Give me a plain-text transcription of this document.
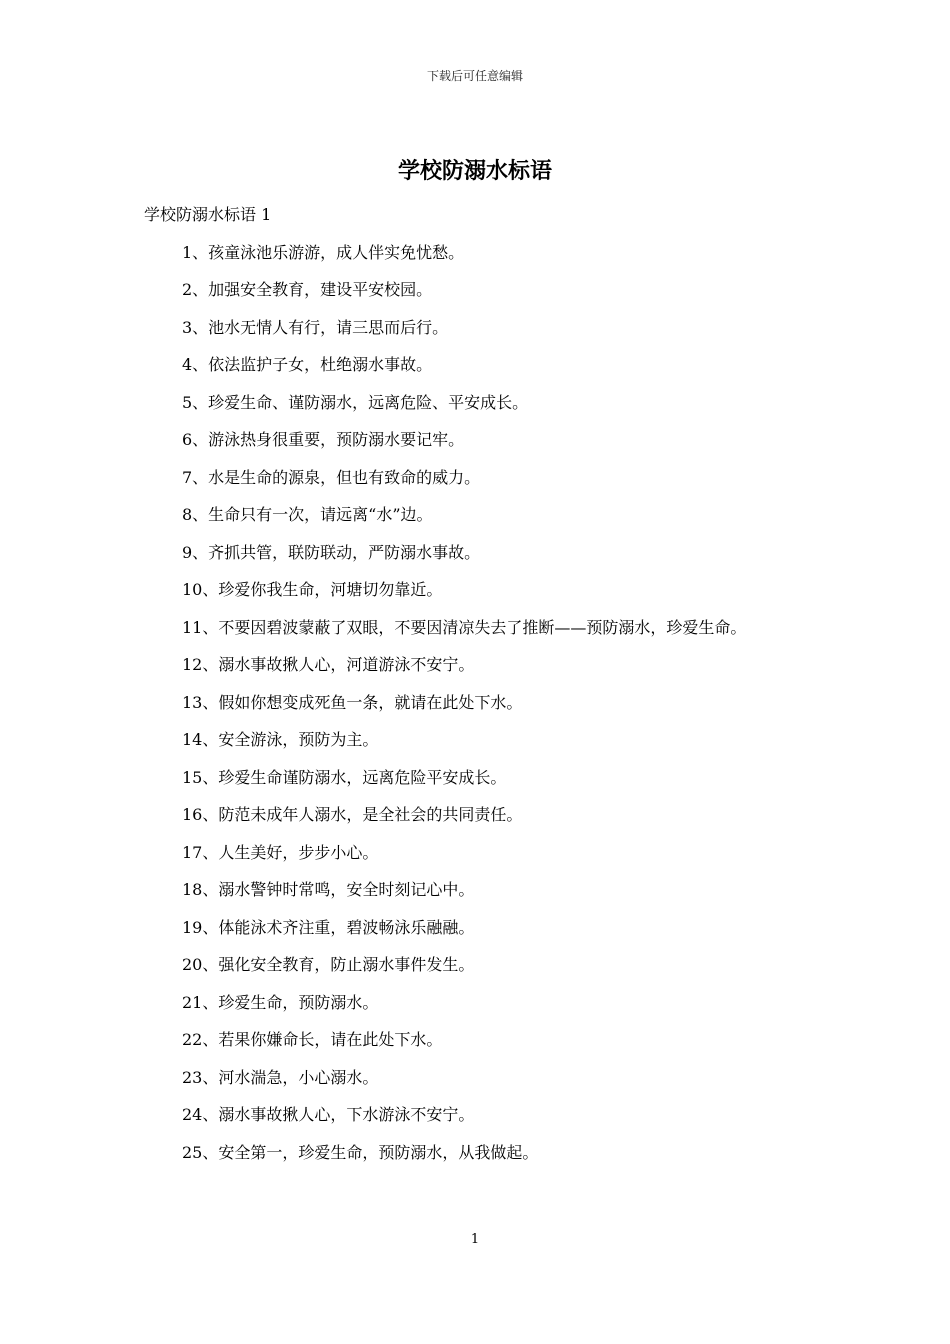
下载后可任意编辑
学校防溺水标语

学校防溺水标语 1

1、孩童泳池乐游游，成人伴实免忧愁。
2、加强安全教育，建设平安校园。
3、池水无情人有行，请三思而后行。
4、依法监护子女，杜绝溺水事故。
5、珍爱生命、谨防溺水，远离危险、平安成长。
6、游泳热身很重要，预防溺水要记牢。
7、水是生命的源泉，但也有致命的威力。
8、生命只有一次，请远离“水”边。
9、齐抓共管，联防联动，严防溺水事故。
10、珍爱你我生命，河塘切勿靠近。
11、不要因碧波蒙蔽了双眼，不要因清凉失去了推断——预防溺水，珍爱生命。
12、溺水事故揪人心，河道游泳不安宁。
13、假如你想变成死鱼一条，就请在此处下水。
14、安全游泳，预防为主。
15、珍爱生命谨防溺水，远离危险平安成长。
16、防范未成年人溺水，是全社会的共同责任。
17、人生美好，步步小心。
18、溺水警钟时常鸣，安全时刻记心中。
19、体能泳术齐注重，碧波畅泳乐融融。
20、强化安全教育，防止溺水事件发生。
21、珍爱生命，预防溺水。
22、若果你嫌命长，请在此处下水。
23、河水湍急，小心溺水。
24、溺水事故揪人心，下水游泳不安宁。
25、安全第一，珍爱生命，预防溺水，从我做起。
1
